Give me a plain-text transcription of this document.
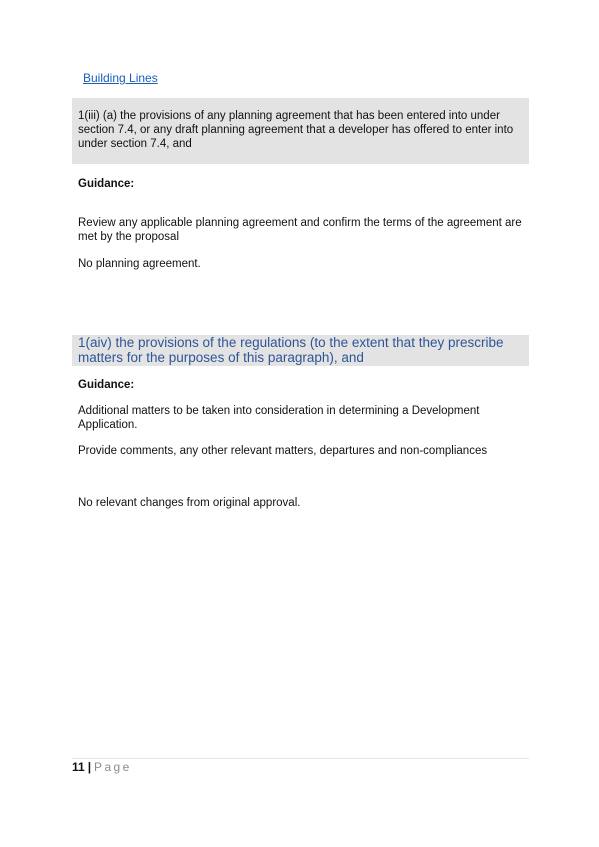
Building Lines
1(iii) (a) the provisions of any planning agreement that has been entered into under section 7.4, or any draft planning agreement that a developer has offered to enter into under section 7.4, and
Guidance:
Review any applicable planning agreement and confirm the terms of the agreement are met by the proposal
No planning agreement.
1(aiv) the provisions of the regulations (to the extent that they prescribe matters for the purposes of this paragraph), and
Guidance:
Additional matters to be taken into consideration in determining a Development Application.
Provide comments, any other relevant matters, departures and non-compliances
No relevant changes from original approval.
11 | Page
